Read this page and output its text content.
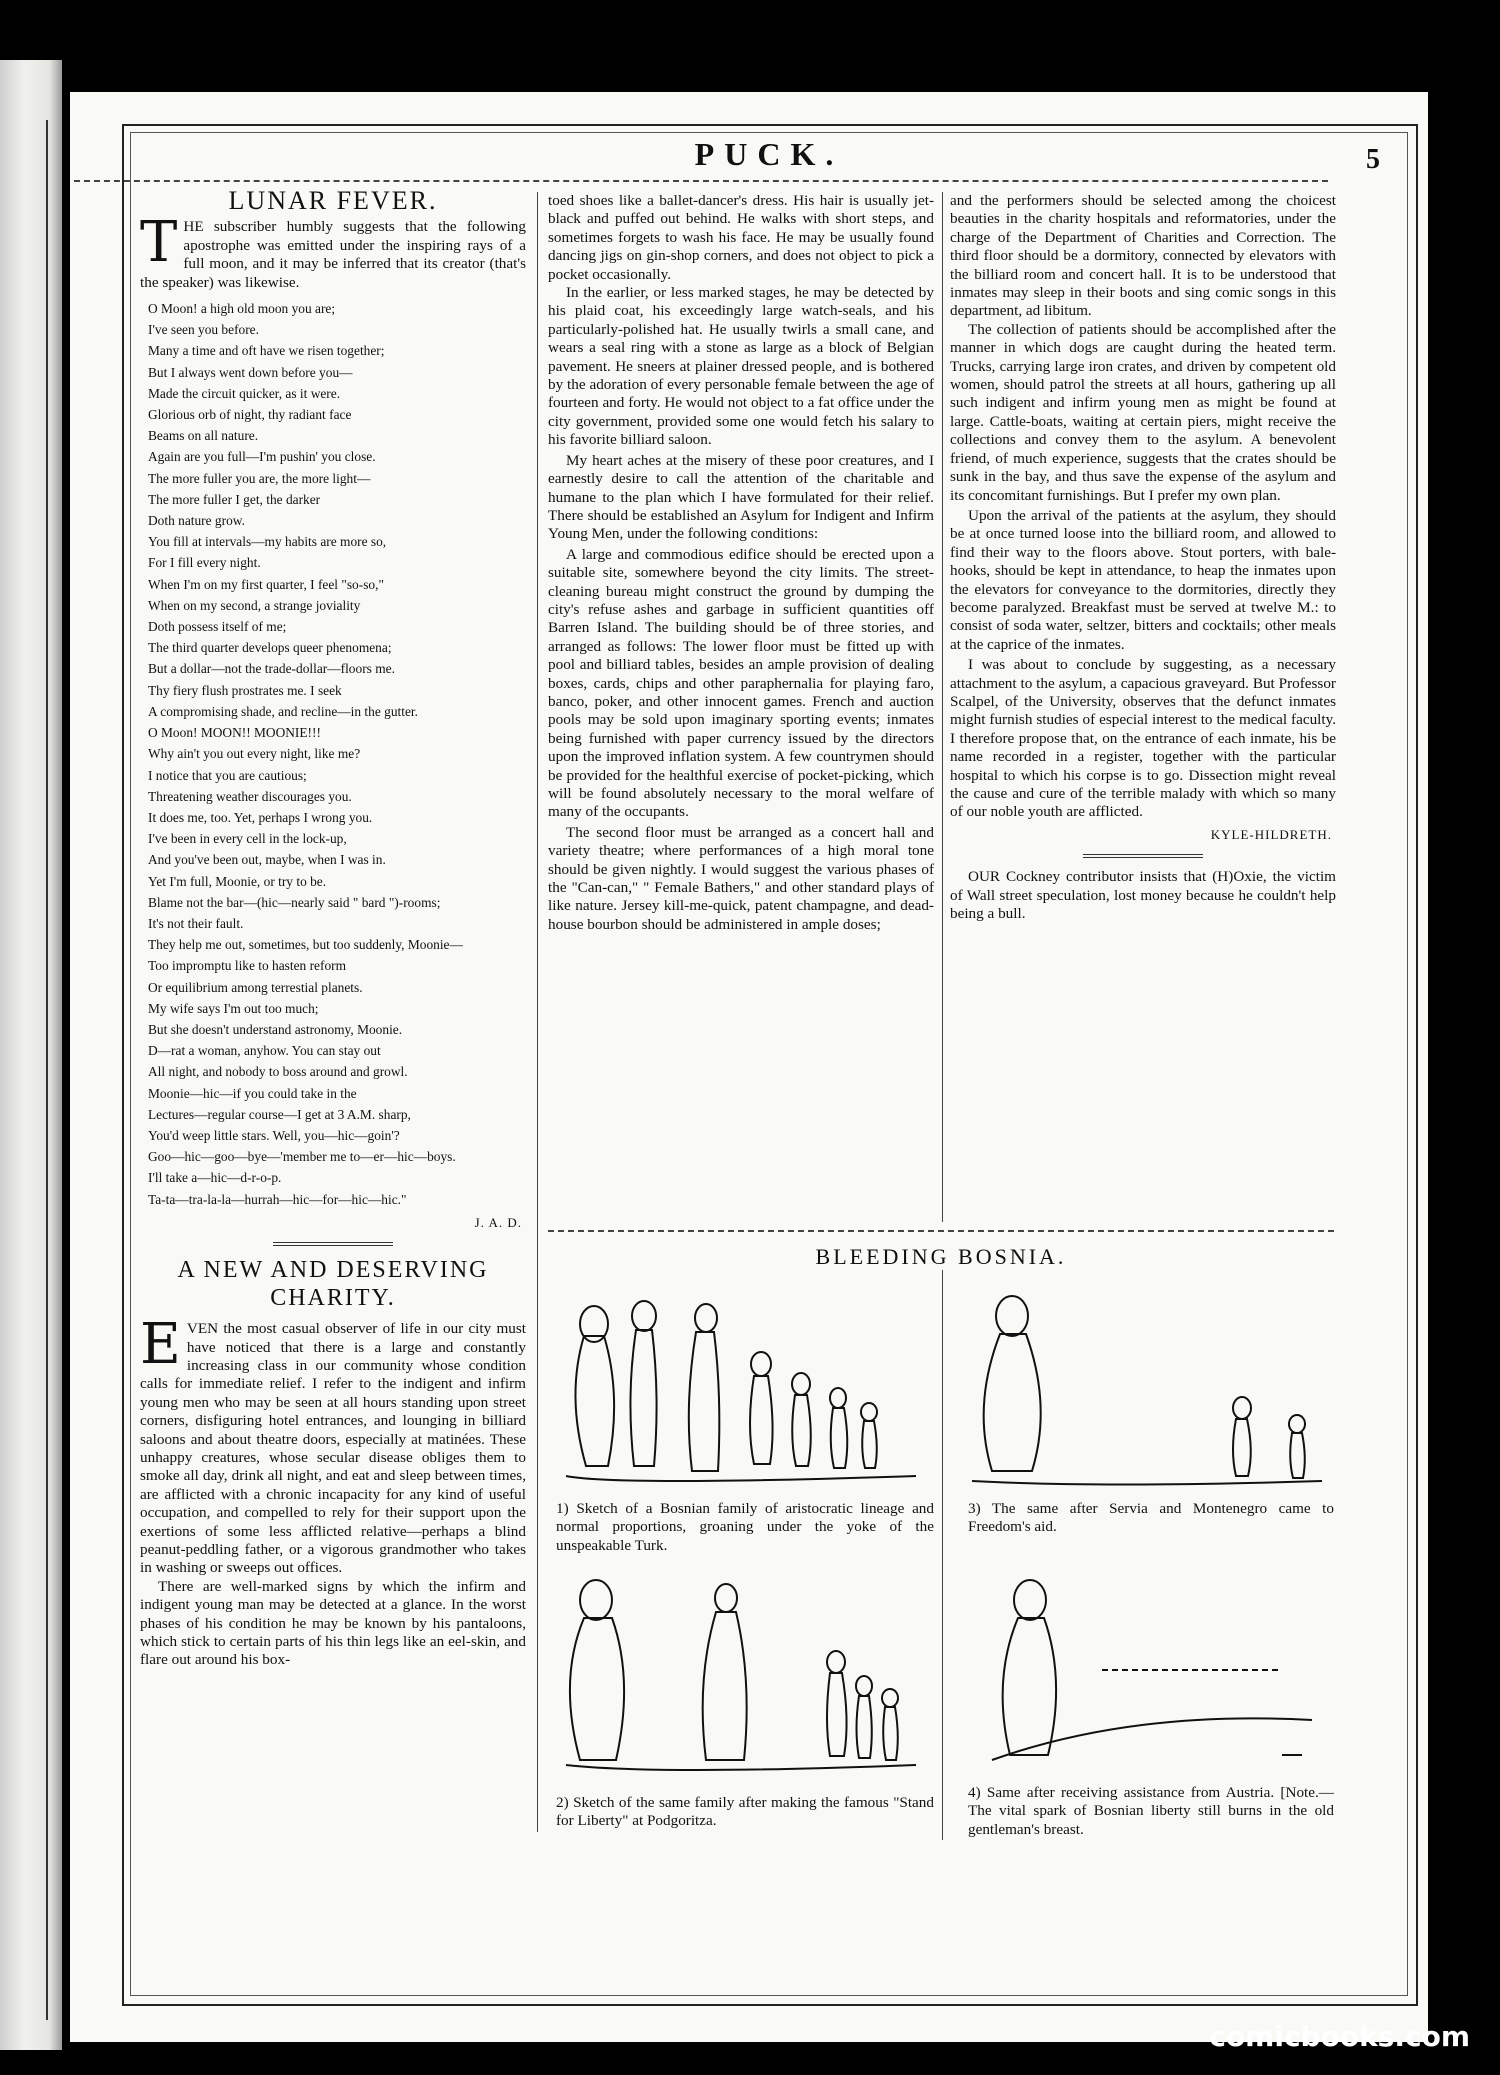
PUCK.	5
LUNAR FEVER.
THE subscriber humbly suggests that the following apostrophe was emitted under the inspiring rays of a full moon, and it may be inferred that its creator (that's the speaker) was likewise.
O Moon! a high old moon you are;
I've seen you before.
Many a time and oft have we risen together;
But I always went down before you—
Made the circuit quicker, as it were.
Glorious orb of night, thy radiant face
Beams on all nature.
Again are you full—I'm pushin' you close.
The more fuller you are, the more light—
The more fuller I get, the darker
Doth nature grow.
You fill at intervals—my habits are more so,
For I fill every night.
When I'm on my first quarter, I feel "so-so,"
When on my second, a strange joviality
Doth possess itself of me;
The third quarter develops queer phenomena;
But a dollar—not the trade-dollar—floors me.
Thy fiery flush prostrates me. I seek
A compromising shade, and recline—in the gutter.
O Moon! MOON!! MOONIE!!!
Why ain't you out every night, like me?
I notice that you are cautious;
Threatening weather discourages you.
It does me, too. Yet, perhaps I wrong you.
I've been in every cell in the lock-up,
And you've been out, maybe, when I was in.
Yet I'm full, Moonie, or try to be.
Blame not the bar—(hic—nearly said " bard ")-rooms;
It's not their fault.
They help me out, sometimes, but too suddenly, Moonie—
Too impromptu like to hasten reform
Or equilibrium among terrestial planets.
My wife says I'm out too much;
But she doesn't understand astronomy, Moonie.
D—rat a woman, anyhow. You can stay out
All night, and nobody to boss around and growl.
Moonie—hic—if you could take in the
Lectures—regular course—I get at 3 A.M. sharp,
You'd weep little stars. Well, you—hic—goin'?
Goo—hic—goo—bye—'member me to—er—hic—boys.
I'll take a—hic—d-r-o-p.
Ta-ta—tra-la-la—hurrah—hic—for—hic—hic."
J. A. D.
A NEW AND DESERVING CHARITY.
EVEN the most casual observer of life in our city must have noticed that there is a large and constantly increasing class in our community whose condition calls for immediate relief. I refer to the indigent and infirm young men who may be seen at all hours standing upon street corners, disfiguring hotel entrances, and lounging in billiard saloons and about theatre doors, especially at matinées. These unhappy creatures, whose secular disease obliges them to smoke all day, drink all night, and eat and sleep between times, are afflicted with a chronic incapacity for any kind of useful occupation, and compelled to rely for their support upon the exertions of some less afflicted relative—perhaps a blind peanut-peddling father, or a vigorous grandmother who takes in washing or sweeps out offices.

There are well-marked signs by which the infirm and indigent young man may be detected at a glance. In the worst phases of his condition he may be known by his pantaloons, which stick to certain parts of his thin legs like an eel-skin, and flare out around his box-

toed shoes like a ballet-dancer's dress. His hair is usually jet-black and puffed out behind. He walks with short steps, and sometimes forgets to wash his face. He may be usually found dancing jigs on gin-shop corners, and does not object to pick a pocket occasionally.

In the earlier, or less marked stages, he may be detected by his plaid coat, his exceedingly large watch-seals, and his particularly-polished hat. He usually twirls a small cane, and wears a seal ring with a stone as large as a block of Belgian pavement. He sneers at plainer dressed people, and is bothered by the adoration of every personable female between the age of fourteen and forty. He would not object to a fat office under the city government, provided some one would fetch his salary to his favorite billiard saloon.

My heart aches at the misery of these poor creatures, and I earnestly desire to call the attention of the charitable and humane to the plan which I have formulated for their relief. There should be established an Asylum for Indigent and Infirm Young Men, under the following conditions:

A large and commodious edifice should be erected upon a suitable site, somewhere beyond the city limits. The street-cleaning bureau might construct the ground by dumping the city's refuse ashes and garbage in sufficient quantities off Barren Island. The building should be of three stories, and arranged as follows: The lower floor must be fitted up with pool and billiard tables, besides an ample provision of dealing boxes, cards, chips and other paraphernalia for playing faro, banco, poker, and other innocent games. French and auction pools may be sold upon imaginary sporting events; inmates being furnished with paper currency issued by the directors upon the improved inflation system. A few countrymen should be provided for the healthful exercise of pocket-picking, which will be found absolutely necessary to the moral welfare of many of the occupants.

The second floor must be arranged as a concert hall and variety theatre; where performances of a high moral tone should be given nightly. I would suggest the various phases of the "Can-can," " Female Bathers," and other standard plays of like nature. Jersey kill-me-quick, patent champagne, and dead-house bourbon should be administered in ample doses;

and the performers should be selected among the choicest beauties in the charity hospitals and reformatories, under the charge of the Department of Charities and Correction. The third floor should be a dormitory, connected by elevators with the billiard room and concert hall. It is to be understood that inmates may sleep in their boots and sing comic songs in this department, ad libitum.

The collection of patients should be accomplished after the manner in which dogs are caught during the heated term. Trucks, carrying large iron crates, and driven by competent old women, should patrol the streets at all hours, gathering up all such indigent and infirm young men as might be found at large. Cattle-boats, waiting at certain piers, might receive the collections and convey them to the asylum. A benevolent friend, of much experience, suggests that the crates should be sunk in the bay, and thus save the expense of the asylum and its concomitant furnishings. But I prefer my own plan.

Upon the arrival of the patients at the asylum, they should be at once turned loose into the billiard room, and allowed to find their way to the floors above. Stout porters, with bale-hooks, should be kept in attendance, to heap the inmates upon the elevators for conveyance to the dormitories, directly they become paralyzed. Breakfast must be served at twelve M.: to consist of soda water, seltzer, bitters and cocktails; other meals at the caprice of the inmates.

I was about to conclude by suggesting, as a necessary attachment to the asylum, a capacious graveyard. But Professor Scalpel, of the University, observes that the defunct inmates might furnish studies of especial interest to the medical faculty. I therefore propose that, on the entrance of each inmate, his be name recorded in a register, together with the particular hospital to which his corpse is to go. Dissection might reveal the cause and cure of the terrible malady with which so many of our noble youth are afflicted.

KYLE-HILDRETH.

OUR Cockney contributor insists that (H)Oxie, the victim of Wall street speculation, lost money because he couldn't help being a bull.

BLEEDING BOSNIA.
1) Sketch of a Bosnian family of aristocratic lineage and normal proportions, groaning under the yoke of the unspeakable Turk.
2) Sketch of the same family after making the famous "Stand for Liberty" at Podgoritza.
3) The same after Servia and Montenegro came to Freedom's aid.
4) Same after receiving assistance from Austria. [Note.—The vital spark of Bosnian liberty still burns in the old gentleman's breast.
comicbooks.com
